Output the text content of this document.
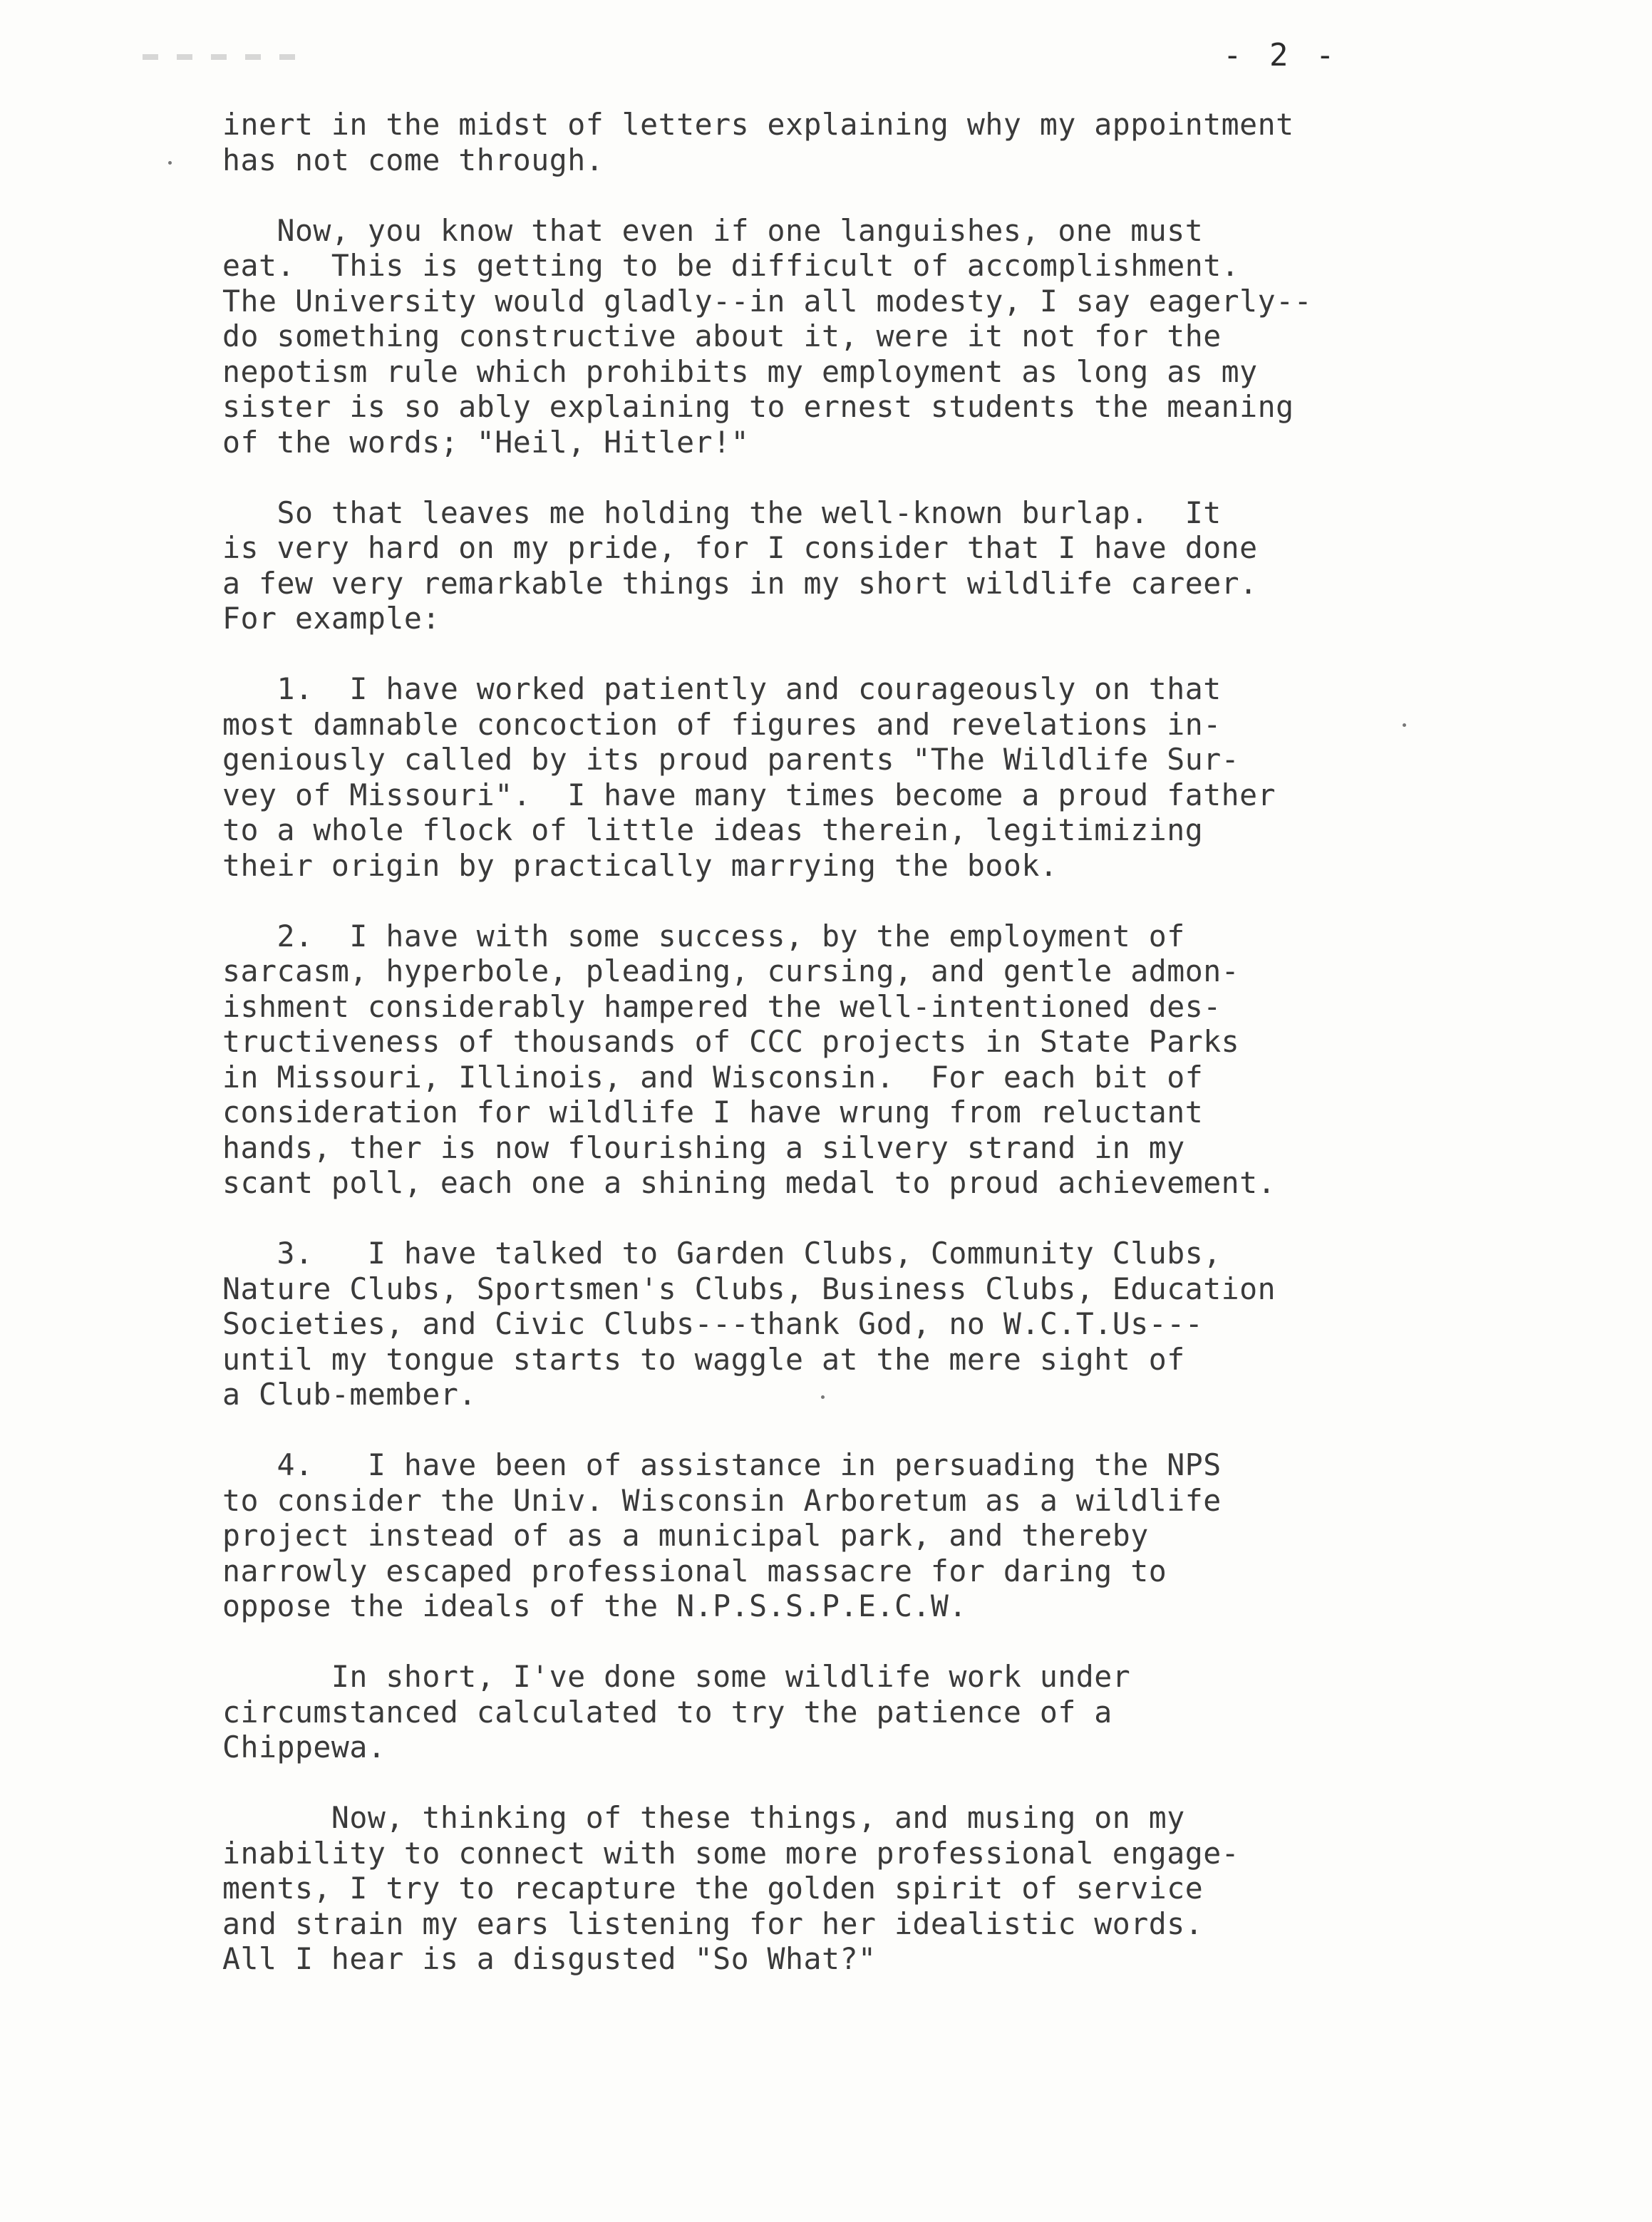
- 2 -
inert in the midst of letters explaining why my appointment
has not come through.
Now, you know that even if one languishes, one must
eat.  This is getting to be difficult of accomplishment.
The University would gladly--in all modesty, I say eagerly--
do something constructive about it, were it not for the
nepotism rule which prohibits my employment as long as my
sister is so ably explaining to ernest students the meaning
of the words; "Heil, Hitler!"
So that leaves me holding the well-known burlap.  It
is very hard on my pride, for I consider that I have done
a few very remarkable things in my short wildlife career.
For example:
1.  I have worked patiently and courageously on that
most damnable concoction of figures and revelations in-
geniously called by its proud parents "The Wildlife Sur-
vey of Missouri".  I have many times become a proud father
to a whole flock of little ideas therein, legitimizing
their origin by practically marrying the book.
2.  I have with some success, by the employment of
sarcasm, hyperbole, pleading, cursing, and gentle admon-
ishment considerably hampered the well-intentioned des-
tructiveness of thousands of CCC projects in State Parks
in Missouri, Illinois, and Wisconsin.  For each bit of
consideration for wildlife I have wrung from reluctant
hands, ther is now flourishing a silvery strand in my
scant poll, each one a shining medal to proud achievement.
3.   I have talked to Garden Clubs, Community Clubs,
Nature Clubs, Sportsmen's Clubs, Business Clubs, Education
Societies, and Civic Clubs---thank God, no W.C.T.Us---
until my tongue starts to waggle at the mere sight of
a Club-member.
4.   I have been of assistance in persuading the NPS
to consider the Univ. Wisconsin Arboretum as a wildlife
project instead of as a municipal park, and thereby
narrowly escaped professional massacre for daring to
oppose the ideals of the N.P.S.S.P.E.C.W.
In short, I've done some wildlife work under
circumstanced calculated to try the patience of a
Chippewa.
Now, thinking of these things, and musing on my
inability to connect with some more professional engage-
ments, I try to recapture the golden spirit of service
and strain my ears listening for her idealistic words.
All I hear is a disgusted "So What?"
